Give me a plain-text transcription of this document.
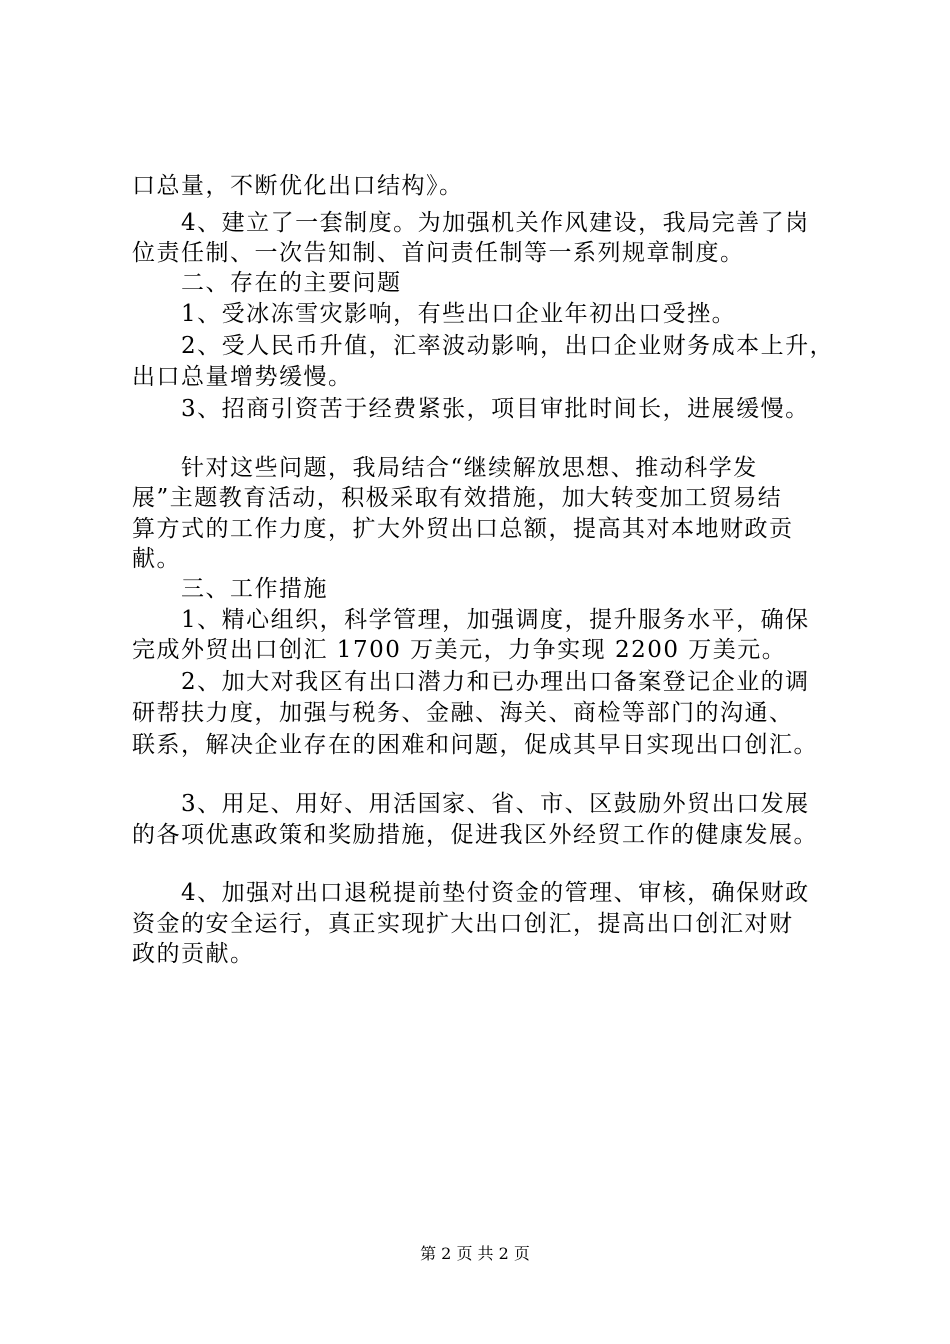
口总量，不断优化出口结构》。
　　4、建立了一套制度。为加强机关作风建设，我局完善了岗
位责任制、一次告知制、首问责任制等一系列规章制度。
　　二、存在的主要问题
　　1、受冰冻雪灾影响，有些出口企业年初出口受挫。
　　2、受人民币升值，汇率波动影响，出口企业财务成本上升，
出口总量增势缓慢。
　　3、招商引资苦于经费紧张，项目审批时间长，进展缓慢。
　　针对这些问题，我局结合“继续解放思想、推动科学发
展”主题教育活动，积极采取有效措施，加大转变加工贸易结
算方式的工作力度，扩大外贸出口总额，提高其对本地财政贡
献。
　　三、工作措施
　　1、精心组织，科学管理，加强调度，提升服务水平，确保
完成外贸出口创汇 1700 万美元，力争实现 2200 万美元。
　　2、加大对我区有出口潜力和已办理出口备案登记企业的调
研帮扶力度，加强与税务、金融、海关、商检等部门的沟通、
联系，解决企业存在的困难和问题，促成其早日实现出口创汇。
　　3、用足、用好、用活国家、省、市、区鼓励外贸出口发展
的各项优惠政策和奖励措施，促进我区外经贸工作的健康发展。
　　4、加强对出口退税提前垫付资金的管理、审核，确保财政
资金的安全运行，真正实现扩大出口创汇，提高出口创汇对财
政的贡献。
第 2 页 共 2 页
